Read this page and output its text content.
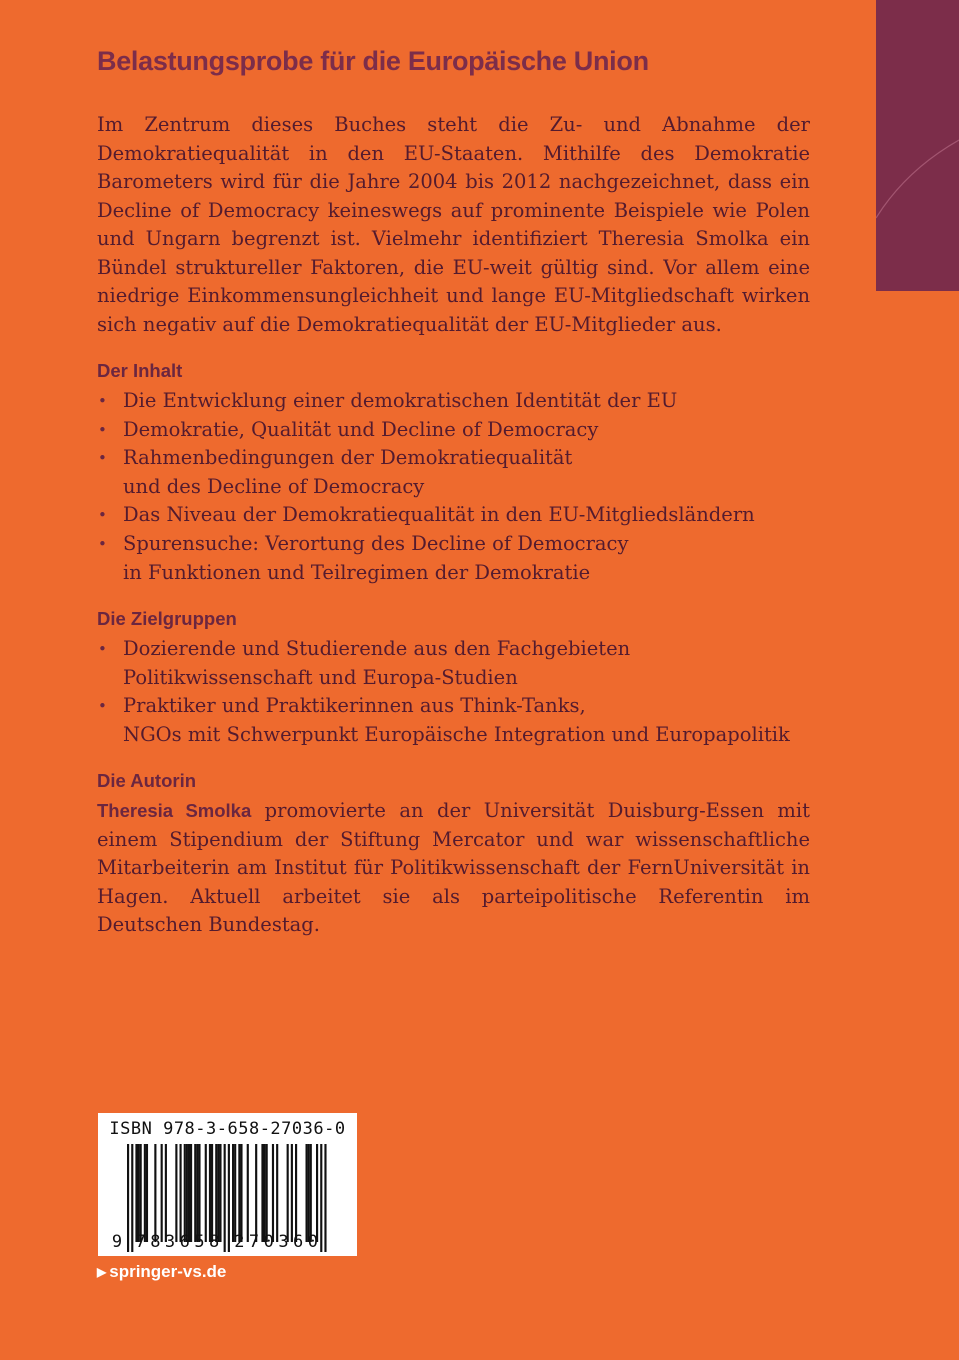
Belastungsprobe für die Europäische Union

Im Zentrum dieses Buches steht die Zu- und Abnahme der Demokratiequalität in den EU-Staaten. Mithilfe des Demokratie Barometers wird für die Jahre 2004 bis 2012 nachgezeichnet, dass ein Decline of Democracy keineswegs auf prominente Beispiele wie Polen und Ungarn begrenzt ist. Vielmehr identifiziert Theresia Smolka ein Bündel struktureller Faktoren, die EU-weit gültig sind. Vor allem eine niedrige Einkommensungleichheit und lange EU-Mitgliedschaft wirken sich negativ auf die Demokratiequalität der EU-Mitglieder aus.

Der Inhalt
• Die Entwicklung einer demokratischen Identität der EU
• Demokratie, Qualität und Decline of Democracy
• Rahmenbedingungen der Demokratiequalität
und des Decline of Democracy
• Das Niveau der Demokratiequalität in den EU-Mitgliedsländern
• Spurensuche: Verortung des Decline of Democracy
in Funktionen und Teilregimen der Demokratie
Die Zielgruppen
• Dozierende und Studierende aus den Fachgebieten
Politikwissenschaft und Europa-Studien
• Praktiker und Praktikerinnen aus Think-Tanks,
NGOs mit Schwerpunkt Europäische Integration und Europapolitik
Die Autorin

Theresia Smolka promovierte an der Universität Duisburg-Essen mit einem Stipendium der Stiftung Mercator und war wissenschaftliche Mitarbeiterin am Institut für Politikwissenschaft der FernUniversität in Hagen. Aktuell arbeitet sie als parteipolitische Referentin im Deutschen Bundestag.

ISBN 978-3-658-27036-0
9 7 8 3 6 5 8 2 7 0 3 6 0
▶ springer-vs.de
